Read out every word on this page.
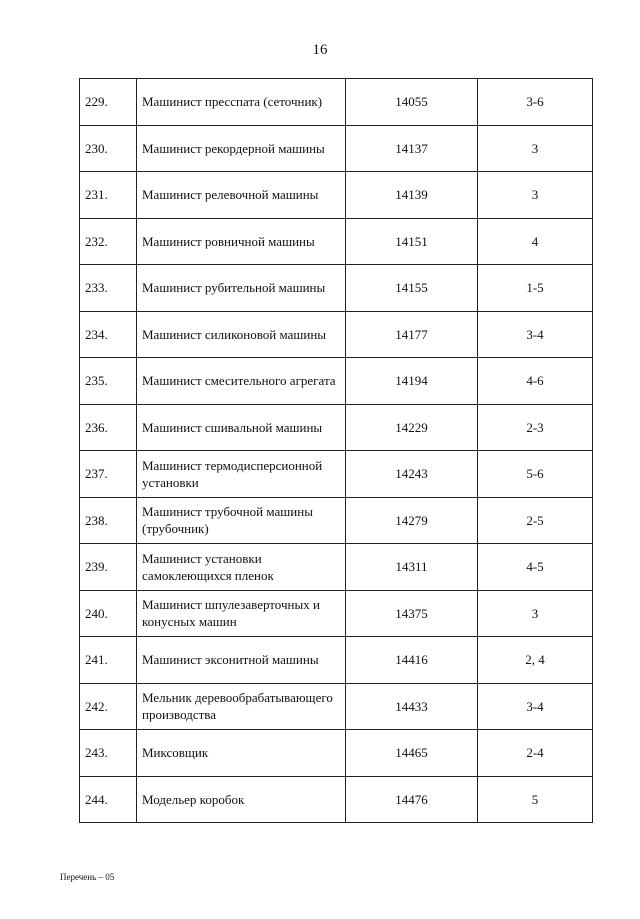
16
229.	Машинист пресспата (сеточник)	14055	3-6
230.	Машинист рекордерной машины	14137	3
231.	Машинист релевочной машины	14139	3
232.	Машинист ровничной машины	14151	4
233.	Машинист рубительной машины	14155	1-5
234.	Машинист силиконовой машины	14177	3-4
235.	Машинист смесительного агрегата	14194	4-6
236.	Машинист сшивальной машины	14229	2-3
237.	Машинист термодисперсионной установки	14243	5-6
238.	Машинист трубочной машины (трубочник)	14279	2-5
239.	Машинист установки самоклеющихся пленок	14311	4-5
240.	Машинист шпулезаверточных и конусных машин	14375	3
241.	Машинист эксонитной машины	14416	2, 4
242.	Мельник деревообрабатывающего производства	14433	3-4
243.	Миксовщик	14465	2-4
244.	Модельер коробок	14476	5
Перечень – 05
